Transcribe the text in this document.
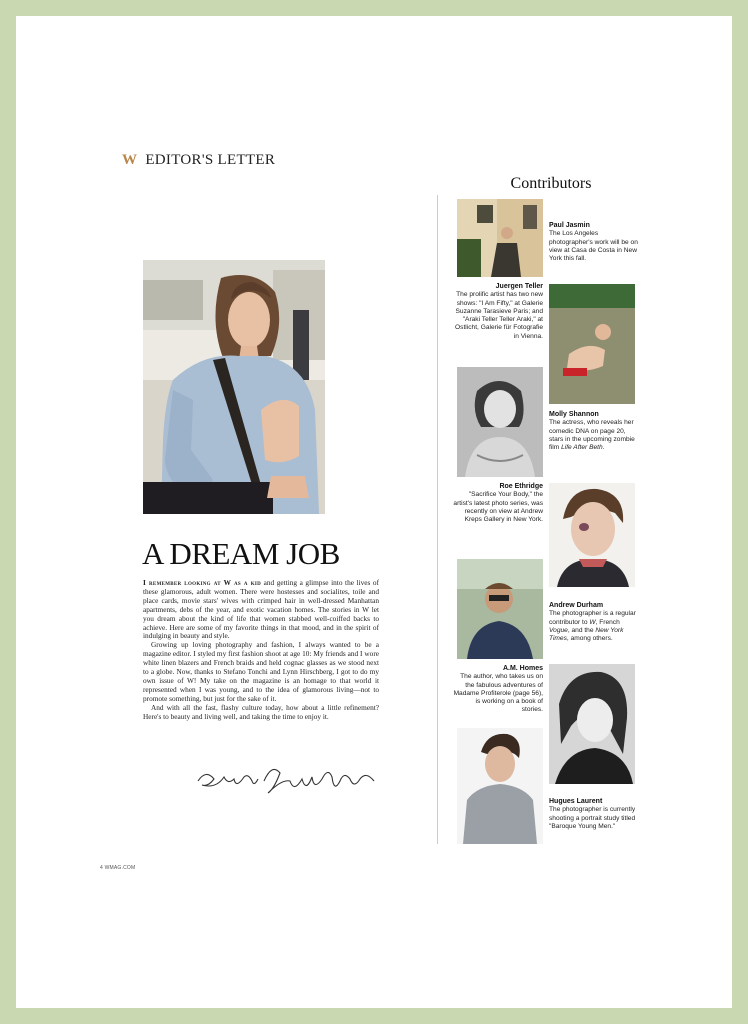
W EDITOR'S LETTER
A DREAM JOB

I remember looking at W as a kid and getting a glimpse into the lives of these glamorous, adult women. There were hostesses and socialites, toile and place cards, movie stars' wives with crimped hair in well-dressed Manhattan apartments, debs of the year, and exotic vacation homes. The stories in W let you dream about the kind of life that women stabbed well-coiffed backs to achieve. Here are some of my favorite things in that mood, and in the spirit of indulging in beauty and style.

Growing up loving photography and fashion, I always wanted to be a magazine editor. I styled my first fashion shoot at age 10: My friends and I wore white linen blazers and French braids and held cognac glasses as we stood next to a globe. Now, thanks to Stefano Tonchi and Lynn Hirschberg, I got to do my own issue of W! My take on the magazine is an homage to that world it represented when I was young, and to the idea of glamorous living—not to promote something, but just for the sake of it.

And with all the fast, flashy culture today, how about a little refinement? Here's to beauty and living well, and taking the time to enjoy it.

4 WMAG.COM
Contributors
Paul Jasmin
The Los Angeles photographer's work will be on view at Casa de Costa in New York this fall.
Juergen Teller
The prolific artist has two new shows: "I Am Fifty," at Galerie Suzanne Tarasieve Paris; and "Araki Teller Teller Araki," at Ostlicht, Galerie für Fotografie in Vienna.
Molly Shannon
The actress, who reveals her comedic DNA on page 20, stars in the upcoming zombie film Life After Beth.
Roe Ethridge
"Sacrifice Your Body," the artist's latest photo series, was recently on view at Andrew Kreps Gallery in New York.
Andrew Durham
The photographer is a regular contributor to W, French Vogue, and the New York Times, among others.
A.M. Homes
The author, who takes us on the fabulous adventures of Madame Profiterole (page 56), is working on a book of stories.
Hugues Laurent
The photographer is currently shooting a portrait study titled "Baroque Young Men."
